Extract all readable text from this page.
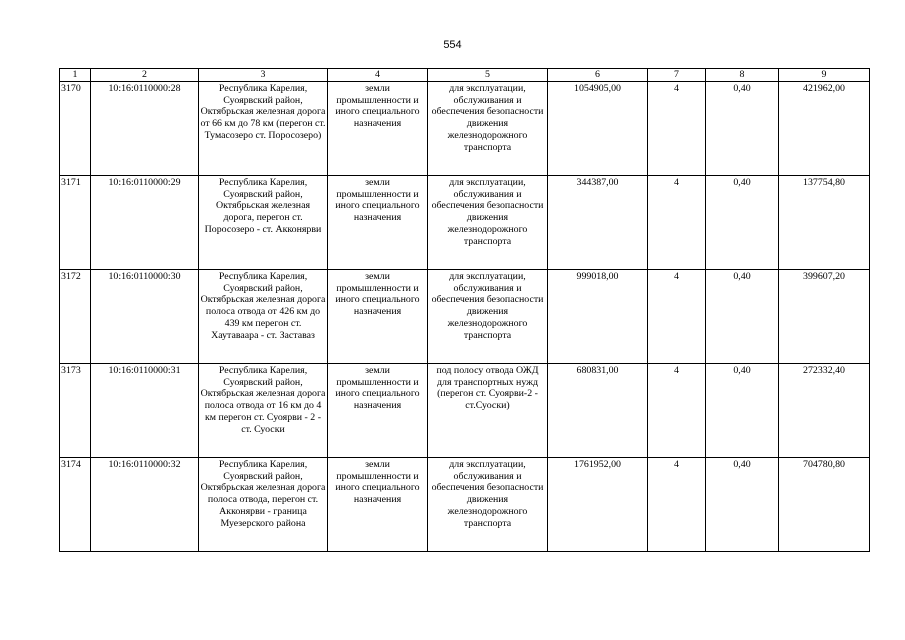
554
1	2	3	4	5	6	7	8	9
3170	10:16:0110000:28	Республика Карелия, Суоярвский район, Октябрьская железная дорога от 66 км до 78 км (перегон ст. Тумасозеро ст. Поросозеро)	земли промышленности и иного специального назначения	для эксплуатации, обслуживания и обеспечения безопасности движения железнодорожного транспорта	1054905,00	4	0,40	421962,00
3171	10:16:0110000:29	Республика Карелия, Суоярвский район, Октябрьская железная дорога, перегон ст. Поросозеро - ст. Акконярви	земли промышленности и иного специального назначения	для эксплуатации, обслуживания и обеспечения безопасности движения железнодорожного транспорта	344387,00	4	0,40	137754,80
3172	10:16:0110000:30	Республика Карелия, Суоярвский район, Октябрьская железная дорога полоса отвода от 426 км до 439 км перегон ст. Хаутаваара - ст. Заставаз	земли промышленности и иного специального назначения	для эксплуатации, обслуживания и обеспечения безопасности движения железнодорожного транспорта	999018,00	4	0,40	399607,20
3173	10:16:0110000:31	Республика Карелия, Суоярвский район, Октябрьская железная дорога полоса отвода от 16 км до 4 км перегон ст. Суоярви - 2 - ст. Суоски	земли промышленности и иного специального назначения	под полосу отвода ОЖД для транспортных нужд (перегон ст. Суоярви-2 - ст.Суоски)	680831,00	4	0,40	272332,40
3174	10:16:0110000:32	Республика Карелия, Суоярвский район, Октябрьская железная дорога полоса отвода, перегон ст. Акконярви - граница Муезерского района	земли промышленности и иного специального назначения	для эксплуатации, обслуживания и обеспечения безопасности движения железнодорожного транспорта	1761952,00	4	0,40	704780,80
